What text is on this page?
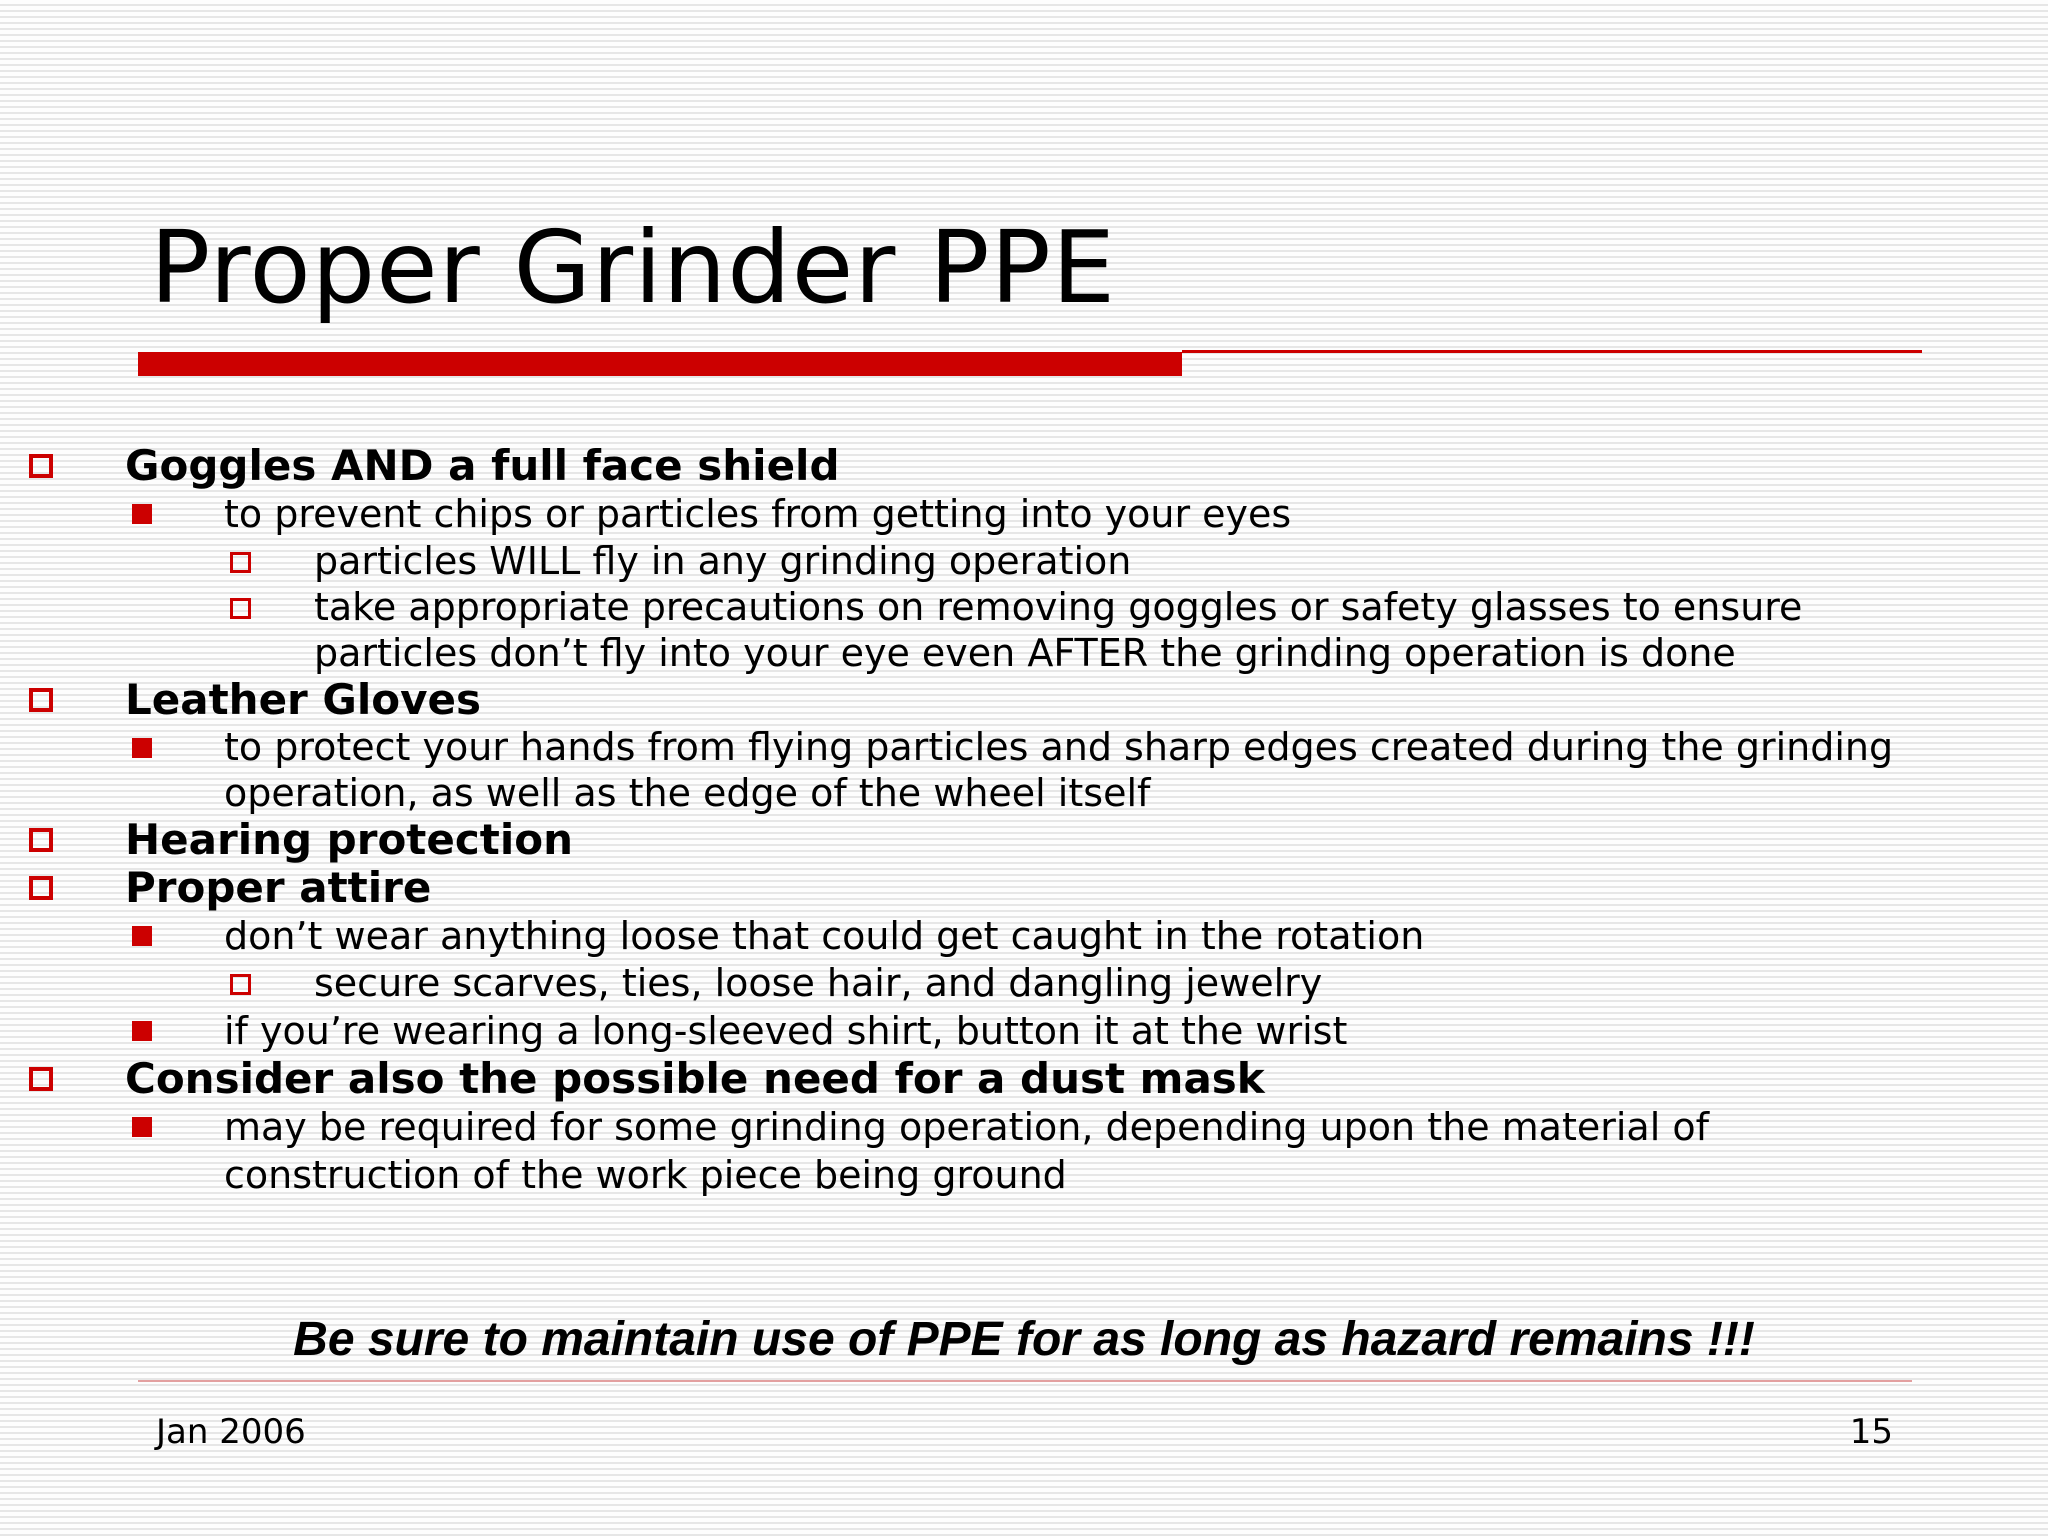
Proper Grinder PPE
Goggles AND a full face shield
to prevent chips or particles from getting into your eyes
particles WILL fly in any grinding operation
take appropriate precautions on removing goggles or safety glasses to ensure
particles don’t fly into your eye even AFTER the grinding operation is done
Leather Gloves
to protect your hands from flying particles and sharp edges created during the grinding
operation, as well as the edge of the wheel itself
Hearing protection
Proper attire
don’t wear anything loose that could get caught in the rotation
secure scarves, ties, loose hair, and dangling jewelry
if you’re wearing a long-sleeved shirt, button it at the wrist
Consider also the possible need for a dust mask
may be required for some grinding operation, depending upon the material of
construction of the work piece being ground
Be sure to maintain use of PPE for as long as hazard remains !!!
Jan 2006	15
